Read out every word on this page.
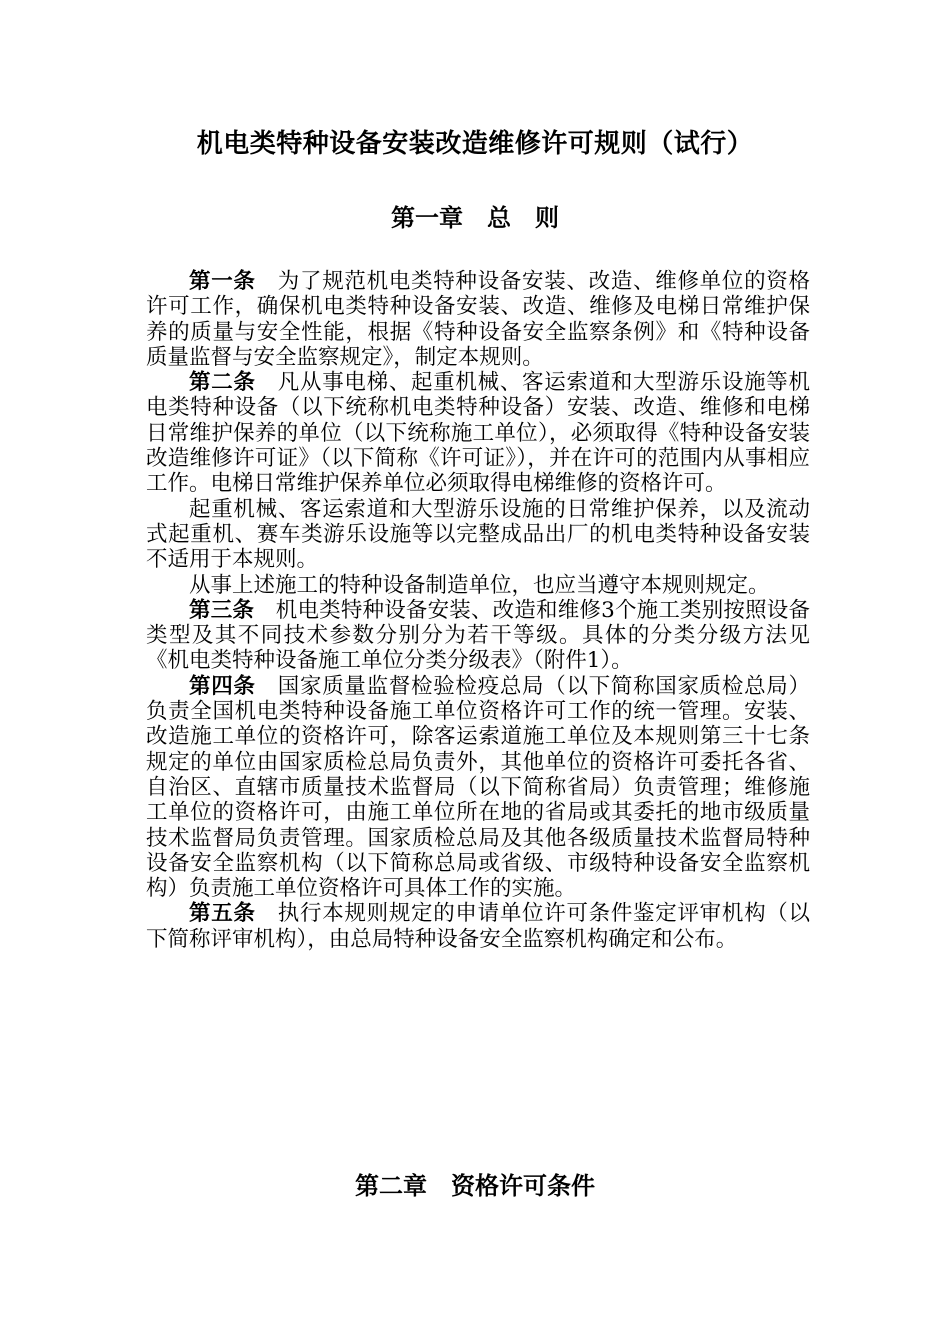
机电类特种设备安装改造维修许可规则（试行）
第一章　总　则

第一条 为了规范机电类特种设备安装、改造、维修单位的资格许可工作，确保机电类特种设备安装、改造、维修及电梯日常维护保养的质量与安全性能，根据《特种设备安全监察条例》和《特种设备质量监督与安全监察规定》，制定本规则。

第二条 凡从事电梯、起重机械、客运索道和大型游乐设施等机电类特种设备（以下统称机电类特种设备）安装、改造、维修和电梯日常维护保养的单位（以下统称施工单位），必须取得《特种设备安装改造维修许可证》（以下简称《许可证》），并在许可的范围内从事相应工作。电梯日常维护保养单位必须取得电梯维修的资格许可。

起重机械、客运索道和大型游乐设施的日常维护保养，以及流动式起重机、赛车类游乐设施等以完整成品出厂的机电类特种设备安装不适用于本规则。

从事上述施工的特种设备制造单位，也应当遵守本规则规定。

第三条 机电类特种设备安装、改造和维修3个施工类别按照设备类型及其不同技术参数分别分为若干等级。具体的分类分级方法见《机电类特种设备施工单位分类分级表》（附件1）。

第四条 国家质量监督检验检疫总局（以下简称国家质检总局）负责全国机电类特种设备施工单位资格许可工作的统一管理。安装、改造施工单位的资格许可，除客运索道施工单位及本规则第三十七条规定的单位由国家质检总局负责外，其他单位的资格许可委托各省、自治区、直辖市质量技术监督局（以下简称省局）负责管理；维修施工单位的资格许可，由施工单位所在地的省局或其委托的地市级质量技术监督局负责管理。国家质检总局及其他各级质量技术监督局特种设备安全监察机构（以下简称总局或省级、市级特种设备安全监察机构）负责施工单位资格许可具体工作的实施。

第五条 执行本规则规定的申请单位许可条件鉴定评审机构（以下简称评审机构），由总局特种设备安全监察机构确定和公布。

第二章　资格许可条件
